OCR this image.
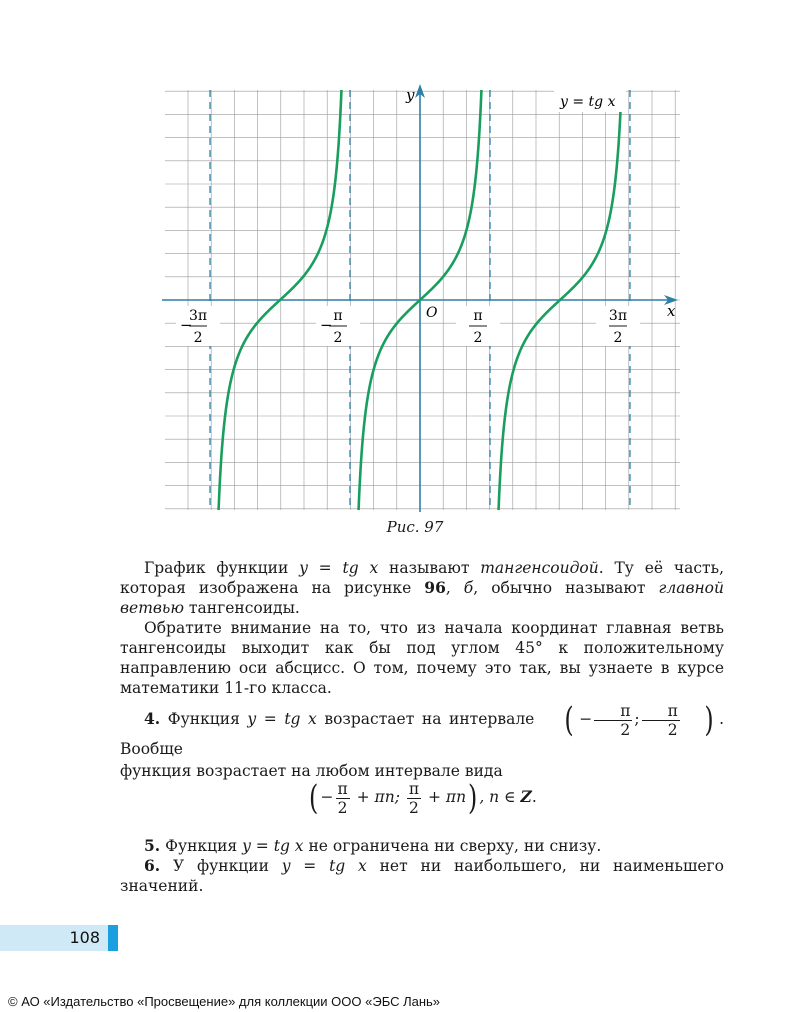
−
3π
2
− π
2
π
2
3π
2
y
x
O
y = tg x
Рис. 97

График функции y = tg x называют тангенсоидой. Ту её часть, которая изображена на рисунке 96, б, обычно называют главной ветвью тангенсоиды.

Обратите внимание на то, что из начала координат главная ветвь тангенсоиды выходит как бы под углом 45° к положительному направлению оси абсцисс. О том, почему это так, вы узнаете в курсе математики 11-го класса.

4. Функция y = tg x возрастает на интервале ( − $\frac{\pi}{2}$ ; $\frac{\pi}{2}$ ) . Вообще
функция возрастает на любом интервале вида
( − $\frac{\pi}{2} + \pi n$; $\frac{\pi}{2} + \pi n$) , n ∈ Z.

5. Функция y = tg x не ограничена ни сверху, ни снизу.

6. У функции y = tg x нет ни наибольшего, ни наименьшего значений.

108
© АО «Издательство «Просвещение» для коллекции ООО «ЭБС Лань»
